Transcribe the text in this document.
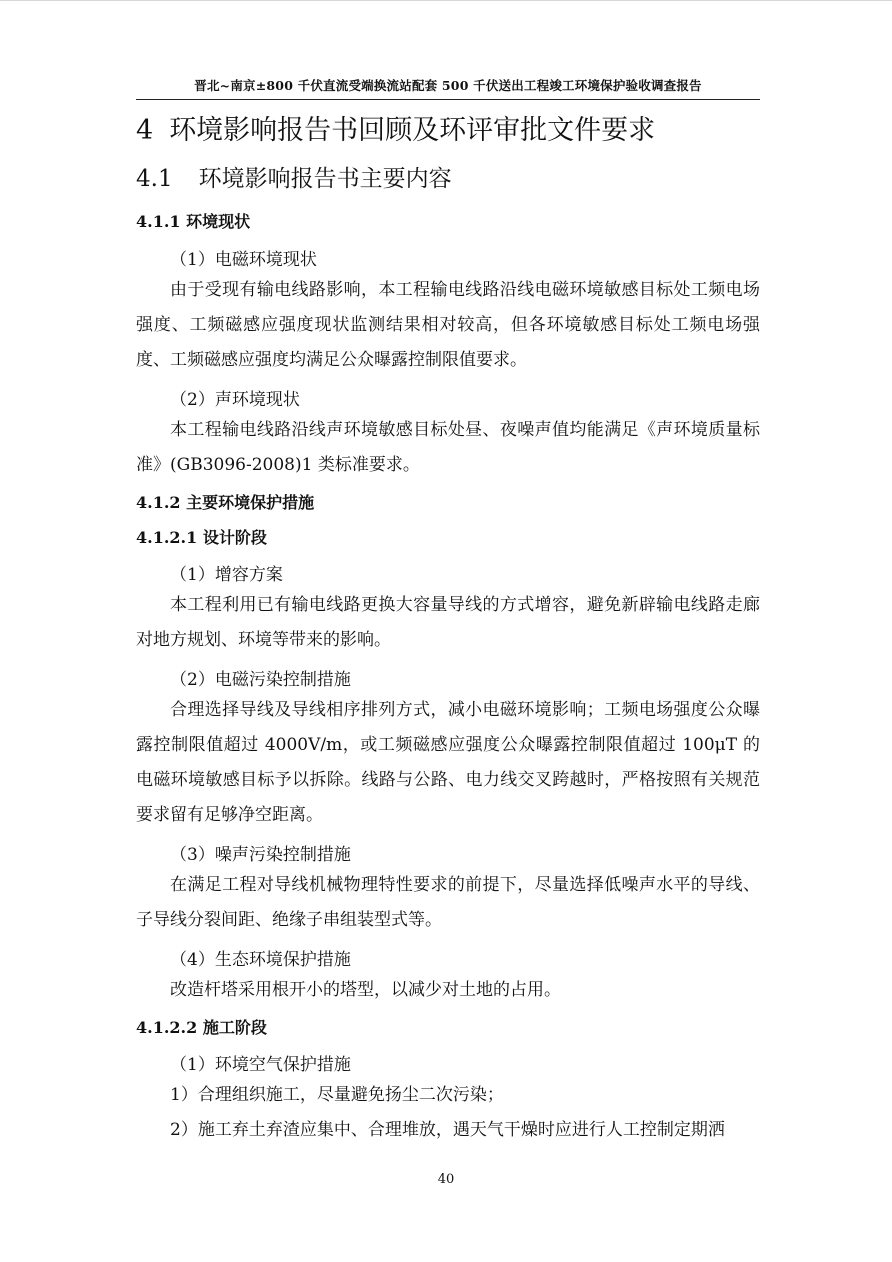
晋北~南京±800 千伏直流受端换流站配套 500 千伏送出工程竣工环境保护验收调查报告
4 环境影响报告书回顾及环评审批文件要求
4.1 环境影响报告书主要内容
4.1.1 环境现状
（1）电磁环境现状
由于受现有输电线路影响，本工程输电线路沿线电磁环境敏感目标处工频电场强度、工频磁感应强度现状监测结果相对较高，但各环境敏感目标处工频电场强度、工频磁感应强度均满足公众曝露控制限值要求。
（2）声环境现状
本工程输电线路沿线声环境敏感目标处昼、夜噪声值均能满足《声环境质量标准》(GB3096-2008)1 类标准要求。
4.1.2 主要环境保护措施
4.1.2.1 设计阶段
（1）增容方案
本工程利用已有输电线路更换大容量导线的方式增容，避免新辟输电线路走廊对地方规划、环境等带来的影响。
（2）电磁污染控制措施
合理选择导线及导线相序排列方式，减小电磁环境影响；工频电场强度公众曝露控制限值超过 4000V/m，或工频磁感应强度公众曝露控制限值超过 100μT 的电磁环境敏感目标予以拆除。线路与公路、电力线交叉跨越时，严格按照有关规范要求留有足够净空距离。
（3）噪声污染控制措施
在满足工程对导线机械物理特性要求的前提下，尽量选择低噪声水平的导线、子导线分裂间距、绝缘子串组装型式等。
（4）生态环境保护措施
改造杆塔采用根开小的塔型，以减少对土地的占用。
4.1.2.2 施工阶段
（1）环境空气保护措施
1）合理组织施工，尽量避免扬尘二次污染；
2）施工弃土弃渣应集中、合理堆放，遇天气干燥时应进行人工控制定期洒
40
